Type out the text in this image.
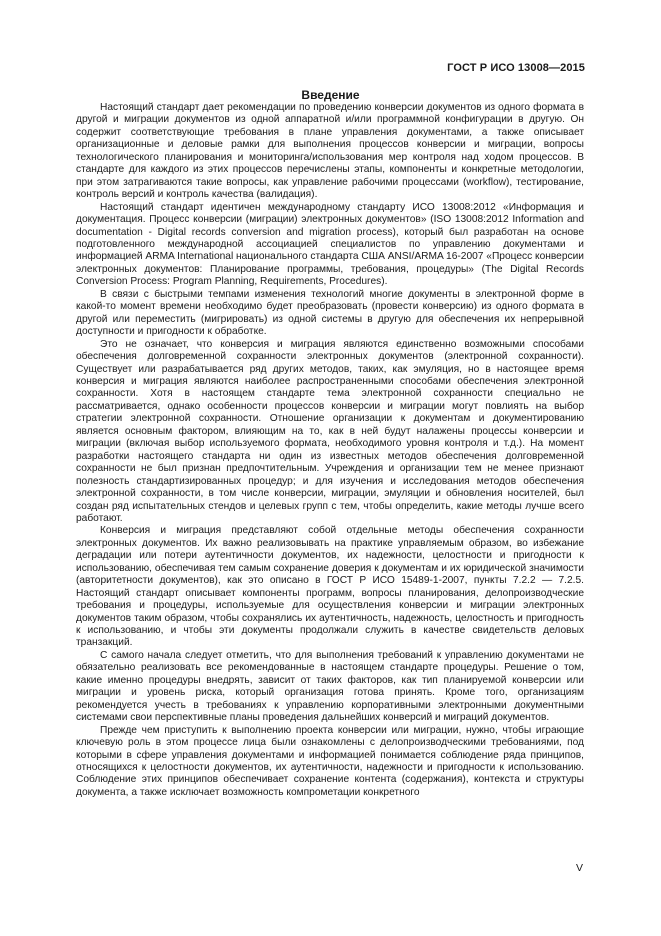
ГОСТ Р ИСО 13008—2015
Введение

Настоящий стандарт дает рекомендации по проведению конверсии документов из одного формата в другой и миграции документов из одной аппаратной и/или программной конфигурации в другую. Он содержит соответствующие требования в плане управления документами, а также описывает организационные и деловые рамки для выполнения процессов конверсии и миграции, вопросы технологического планирования и мониторинга/использования мер контроля над ходом процессов. В стандарте для каждого из этих процессов перечислены этапы, компоненты и конкретные методологии, при этом затрагиваются такие вопросы, как управление рабочими процессами (workflow), тестирование, контроль версий и контроль качества (валидация).

Настоящий стандарт идентичен международному стандарту ИСО 13008:2012 «Информация и документация. Процесс конверсии (миграции) электронных документов» (ISO 13008:2012 Information and documentation - Digital records conversion and migration process), который был разработан на основе подготовленного международной ассоциацией специалистов по управлению документами и информацией ARMA International национального стандарта США ANSI/ARMA 16-2007 «Процесс конверсии электронных документов: Планирование программы, требования, процедуры» (The Digital Records Conversion Process: Program Planning, Requirements, Procedures).

В связи с быстрыми темпами изменения технологий многие документы в электронной форме в какой-то момент времени необходимо будет преобразовать (провести конверсию) из одного формата в другой или переместить (мигрировать) из одной системы в другую для обеспечения их непрерывной доступности и пригодности к обработке.

Это не означает, что конверсия и миграция являются единственно возможными способами обеспечения долговременной сохранности электронных документов (электронной сохранности). Существует или разрабатывается ряд других методов, таких, как эмуляция, но в настоящее время конверсия и миграция являются наиболее распространенными способами обеспечения электронной сохранности. Хотя в настоящем стандарте тема электронной сохранности специально не рассматривается, однако особенности процессов конверсии и миграции могут повлиять на выбор стратегии электронной сохранности. Отношение организации к документам и документированию является основным фактором, влияющим на то, как в ней будут налажены процессы конверсии и миграции (включая выбор используемого формата, необходимого уровня контроля и т.д.). На момент разработки настоящего стандарта ни один из известных методов обеспечения долговременной сохранности не был признан предпочтительным. Учреждения и организации тем не менее признают полезность стандартизированных процедур; и для изучения и исследования методов обеспечения электронной сохранности, в том числе конверсии, миграции, эмуляции и обновления носителей, был создан ряд испытательных стендов и целевых групп с тем, чтобы определить, какие методы лучше всего работают.

Конверсия и миграция представляют собой отдельные методы обеспечения сохранности электронных документов. Их важно реализовывать на практике управляемым образом, во избежание деградации или потери аутентичности документов, их надежности, целостности и пригодности к использованию, обеспечивая тем самым сохранение доверия к документам и их юридической значимости (авторитетности документов), как это описано в ГОСТ Р ИСО 15489-1-2007, пункты 7.2.2 — 7.2.5. Настоящий стандарт описывает компоненты программ, вопросы планирования, делопроизводческие требования и процедуры, используемые для осуществления конверсии и миграции электронных документов таким образом, чтобы сохранялись их аутентичность, надежность, целостность и пригодность к использованию, и чтобы эти документы продолжали служить в качестве свидетельств деловых транзакций.

С самого начала следует отметить, что для выполнения требований к управлению документами не обязательно реализовать все рекомендованные в настоящем стандарте процедуры. Решение о том, какие именно процедуры внедрять, зависит от таких факторов, как тип планируемой конверсии или миграции и уровень риска, который организация готова принять. Кроме того, организациям рекомендуется учесть в требованиях к управлению корпоративными электронными документными системами свои перспективные планы проведения дальнейших конверсий и миграций документов.

Прежде чем приступить к выполнению проекта конверсии или миграции, нужно, чтобы играющие ключевую роль в этом процессе лица были ознакомлены с делопроизводческими требованиями, под которыми в сфере управления документами и информацией понимается соблюдение ряда принципов, относящихся к целостности документов, их аутентичности, надежности и пригодности к использованию. Соблюдение этих принципов обеспечивает сохранение контента (содержания), контекста и структуры документа, а также исключает возможность компрометации конкретного

V
